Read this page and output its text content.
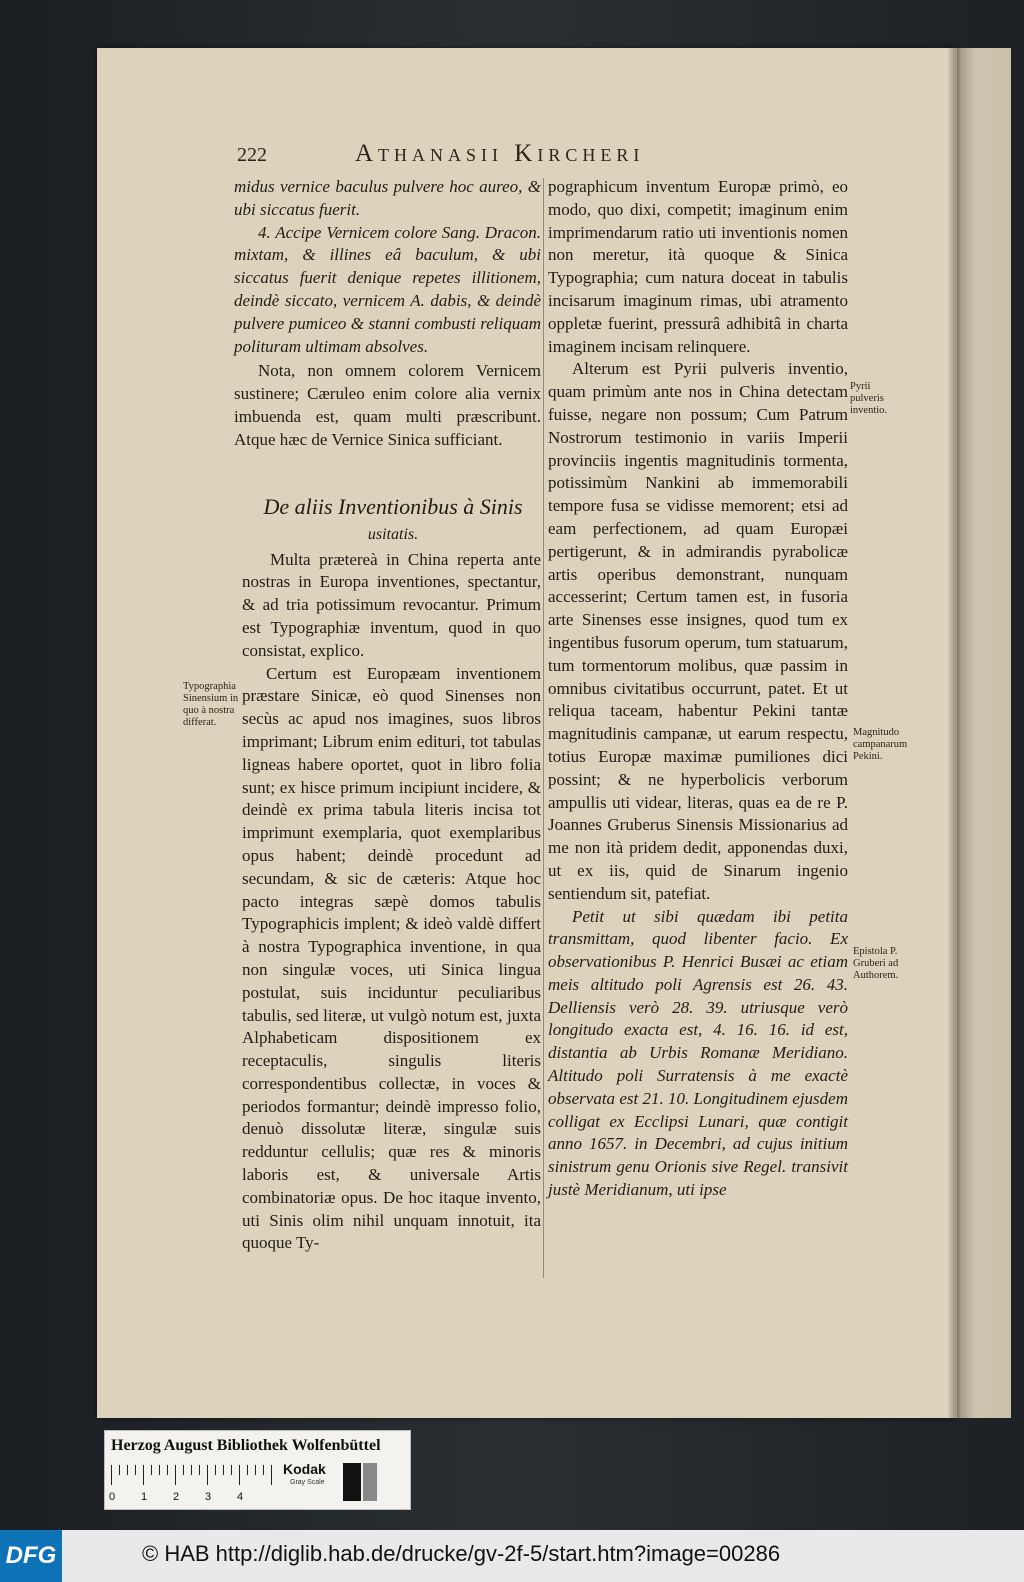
222	Athanasii Kircheri

midus vernice baculus pulvere hoc aureo, & ubi siccatus fuerit.

4. Accipe Vernicem colore Sang. Dracon. mixtam, & illines eâ baculum, & ubi siccatus fuerit denique repetes illitionem, deindè siccato, vernicem A. dabis, & deindè pulvere pumiceo & stanni combusti reliquam polituram ultimam absolves.

Nota, non omnem colorem Vernicem sustinere; Cæruleo enim colore alia vernix imbuenda est, quam multi præscribunt. Atque hæc de Vernice Sinica sufficiant.

Multa prætereà in China reperta ante nostras in Europa inventiones, spectantur, & ad tria potissimum revocantur. Primum est Typographiæ inventum, quod in quo consistat, explico.

Certum est Europæam inventionem præstare Sinicæ, eò quod Sinenses non secùs ac apud nos imagines, suos libros imprimant; Librum enim edituri, tot tabulas ligneas habere oportet, quot in libro folia sunt; ex hisce primum incipiunt incidere, & deindè ex prima tabula literis incisa tot imprimunt exemplaria, quot exemplaribus opus habent; deindè procedunt ad secundam, & sic de cæteris: Atque hoc pacto integras sæpè domos tabulis Typographicis implent; & ideò valdè differt à nostra Typographica inventione, in qua non singulæ voces, uti Sinica lingua postulat, suis inciduntur peculiaribus tabulis, sed literæ, ut vulgò notum est, juxta Alphabeticam dispositionem ex receptaculis, singulis literis correspondentibus collectæ, in voces & periodos formantur; deindè impresso folio, denuò dissolutæ literæ, singulæ suis redduntur cellulis; quæ res & minoris laboris est, & universale Artis combinatoriæ opus. De hoc itaque invento, uti Sinis olim nihil unquam innotuit, ita quoque Ty-

De aliis Inventionibus à Sinis
usitatis.

pographicum inventum Europæ primò, eo modo, quo dixi, competit; imaginum enim imprimendarum ratio uti inventionis nomen non meretur, ità quoque & Sinica Typographia; cum natura doceat in tabulis incisarum imaginum rimas, ubi atramento oppletæ fuerint, pressurâ adhibitâ in charta imaginem incisam relinquere.

Alterum est Pyrii pulveris inventio, quam primùm ante nos in China detectam fuisse, negare non possum; Cum Patrum Nostrorum testimonio in variis Imperii provinciis ingentis magnitudinis tormenta, potissimùm Nankini ab immemorabili tempore fusa se vidisse memorent; etsi ad eam perfectionem, ad quam Europæi pertigerunt, & in admirandis pyrabolicæ artis operibus demonstrant, nunquam accesserint; Certum tamen est, in fusoria arte Sinenses esse insignes, quod tum ex ingentibus fusorum operum, tum statuarum, tum tormentorum molibus, quæ passim in omnibus civitatibus occurrunt, patet. Et ut reliqua taceam, habentur Pekini tantæ magnitudinis campanæ, ut earum respectu, totius Europæ maximæ pumiliones dici possint; & ne hyperbolicis verborum ampullis uti videar, literas, quas ea de re P. Joannes Gruberus Sinensis Missionarius ad me non ità pridem dedit, apponendas duxi, ut ex iis, quid de Sinarum ingenio sentiendum sit, patefiat.

Petit ut sibi quædam ibi petita transmittam, quod libenter facio. Ex observationibus P. Henrici Busæi ac etiam meis altitudo poli Agrensis est 26. 43. Delliensis verò 28. 39. utriusque verò longitudo exacta est, 4. 16. 16. id est, distantia ab Urbis Romanæ Meridiano. Altitudo poli Surratensis à me exactè observata est 21. 10. Longitudinem ejusdem colligat ex Ecclipsi Lunari, quæ contigit anno 1657. in Decembri, ad cujus initium sinistrum genu Orionis sive Regel. transivit justè Meridianum, uti ipse

Typographia Sinensium in quo à nostra differat.
Pyrii pulveris inventio.
Magnitudo campanarum Pekini.
Epistola P. Gruberi ad Authorem.
Herzog August Bibliothek Wolfenbüttel
0 1 2 3 4
Kodak
Gray Scale
DFG	© HAB http://diglib.hab.de/drucke/gv-2f-5/start.htm?image=00286
